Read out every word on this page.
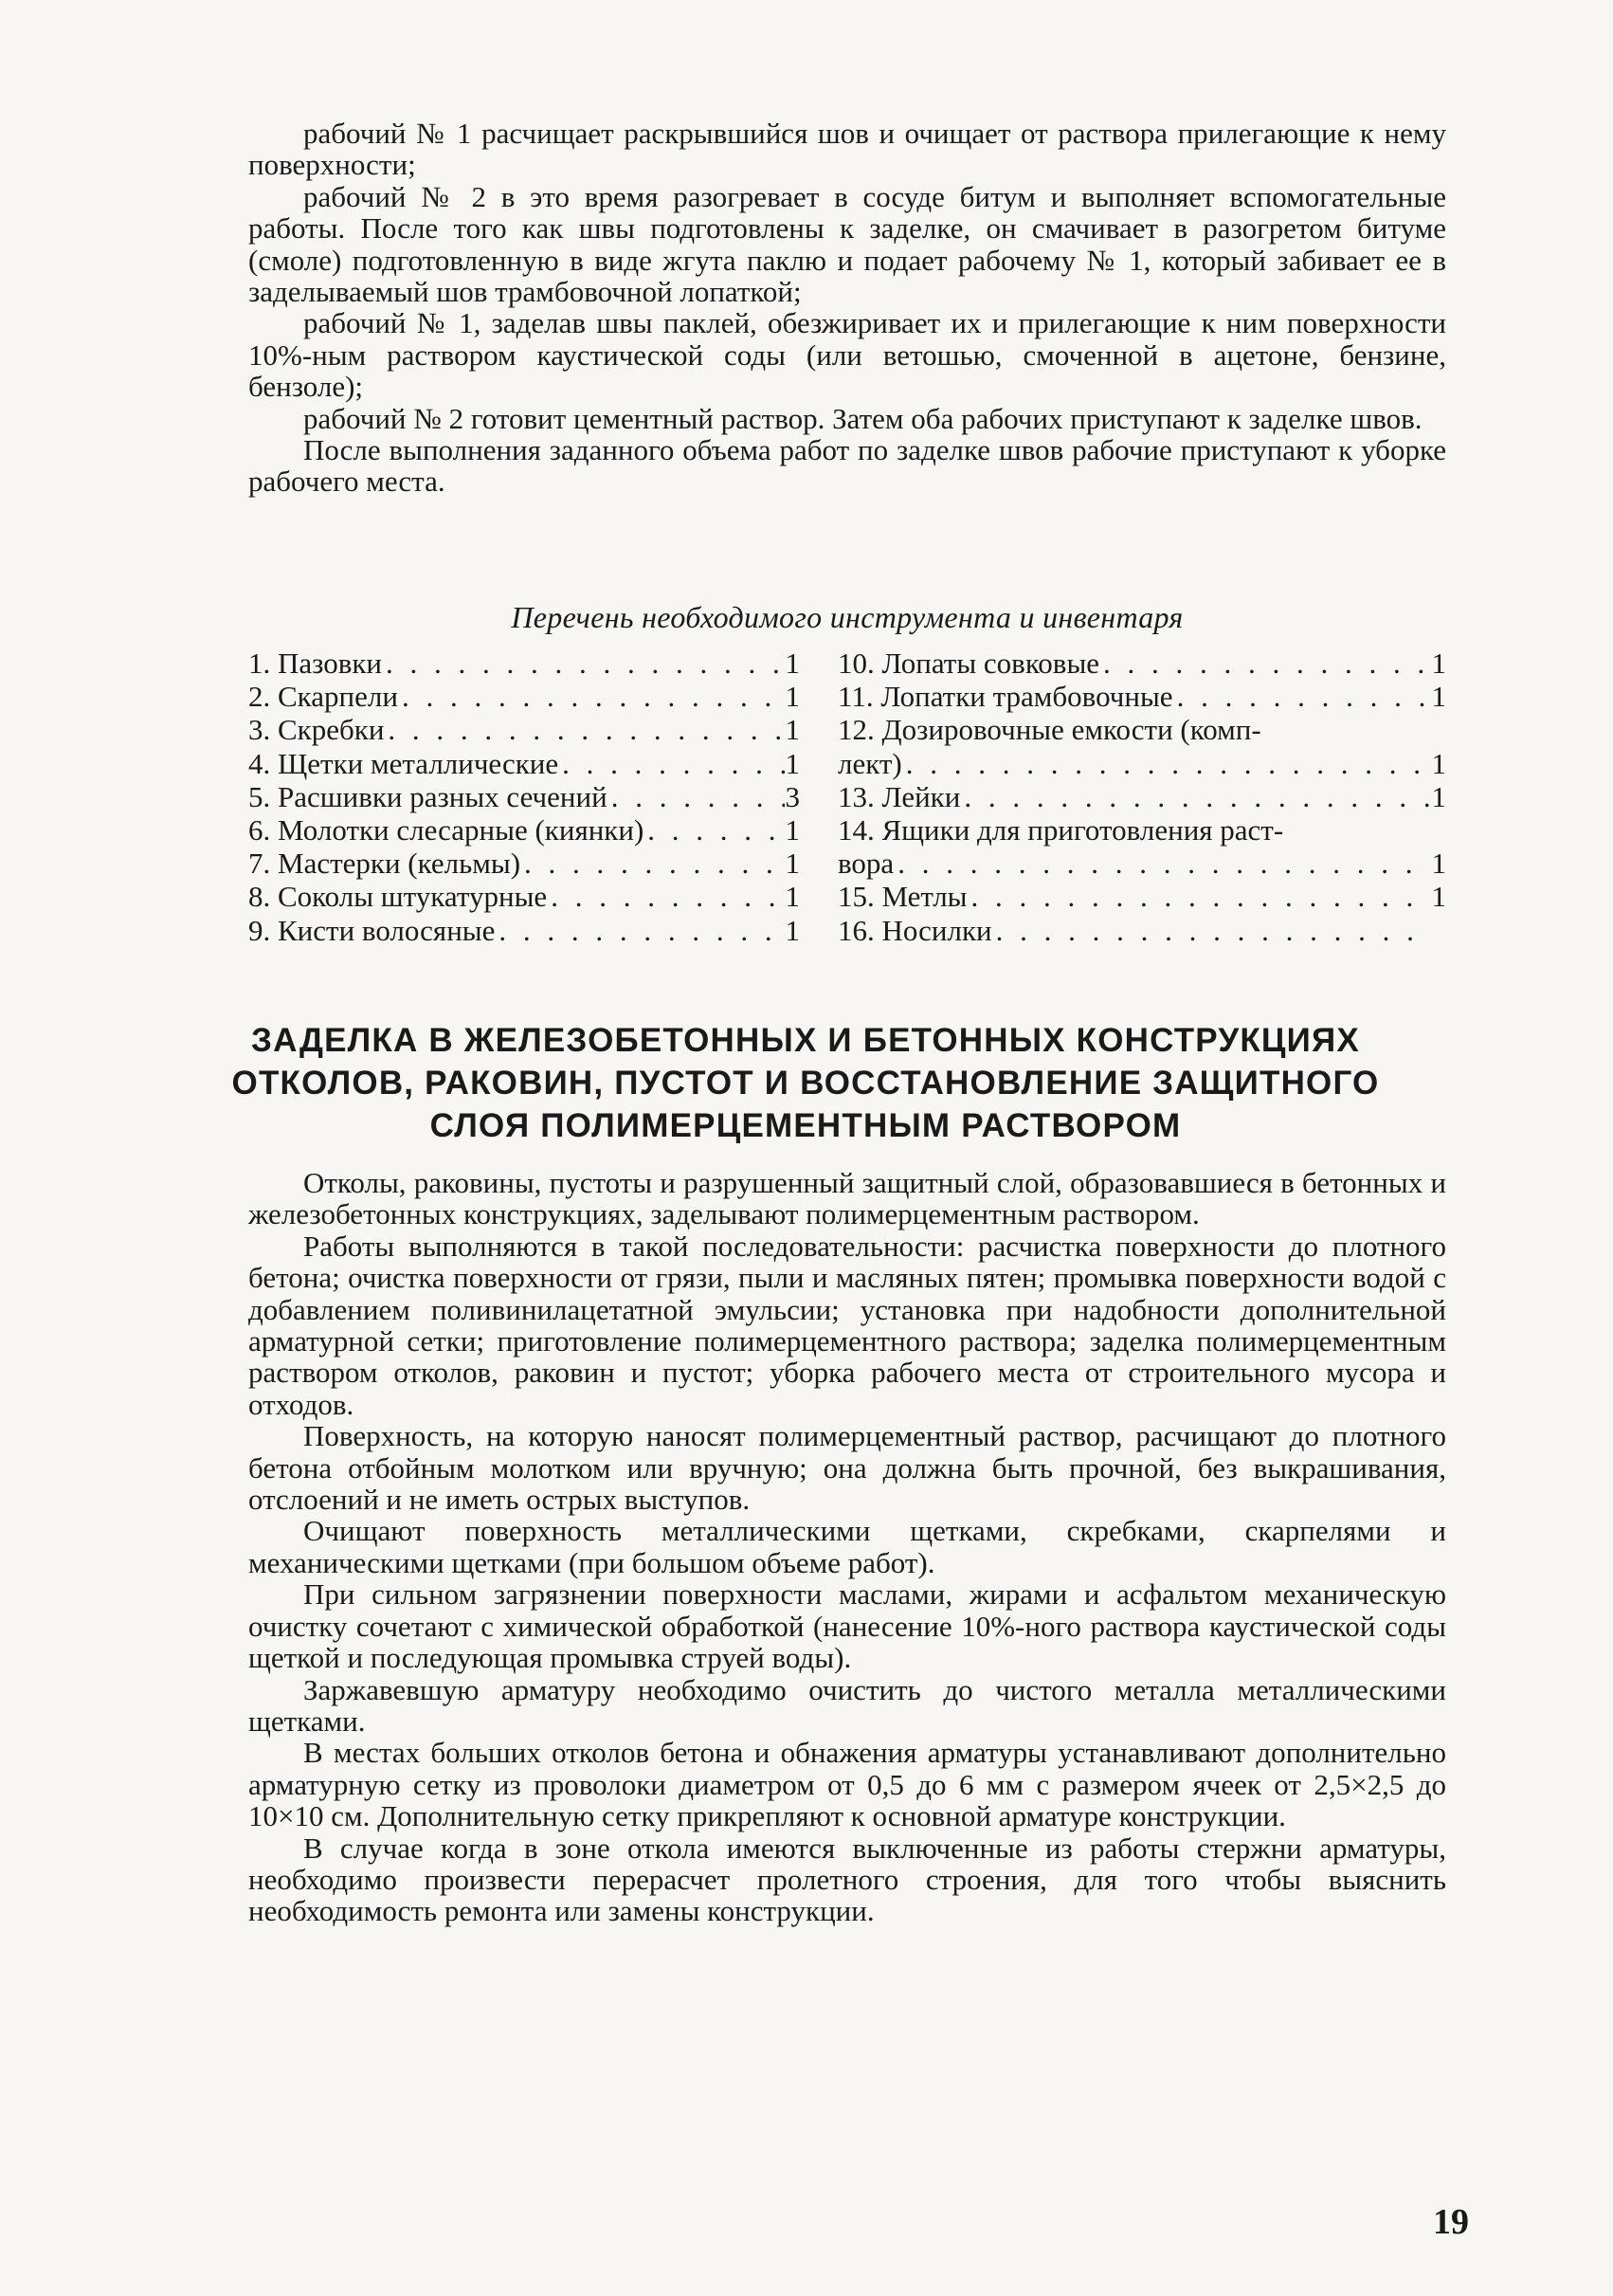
рабочий № 1 расчищает раскрывшийся шов и очищает от раствора прилегающие к нему поверхности;

рабочий № 2 в это время разогревает в сосуде битум и выполняет вспомогательные работы. После того как швы подготовлены к заделке, он смачивает в разогретом битуме (смоле) подготовленную в виде жгута паклю и подает рабочему № 1, который забивает ее в заделываемый шов трамбовочной лопаткой;

рабочий № 1, заделав швы паклей, обезжиривает их и прилегающие к ним поверхности 10%-ным раствором каустической соды (или ветошью, смоченной в ацетоне, бензине, бензоле);

рабочий № 2 готовит цементный раствор. Затем оба рабочих приступают к заделке швов.

После выполнения заданного объема работ по заделке швов рабочие приступают к уборке рабочего места.

Перечень необходимого инструмента и инвентаря
1. Пазовки . . .	1
2. Скарпели . . .	1
3. Скребки . . .	1
4. Щетки металлические . . .	1
5. Расшивки разных сечений . . .	3
6. Молотки слесарные (киянки) . . .	1
7. Мастерки (кельмы) . . .	1
8. Соколы штукатурные . . .	1
9. Кисти волосяные . . .	1
10. Лопаты совковые . . .	1
11. Лопатки трамбовочные . . .	1
12. Дозировочные емкости (комп-
лект) . . .	1
13. Лейки . . .	1
14. Ящики для приготовления раст-
вора . . .	1
15. Метлы . . .	1
16. Носилки
. . .
ЗАДЕЛКА В ЖЕЛЕЗОБЕТОННЫХ И БЕТОННЫХ КОНСТРУКЦИЯХ
ОТКОЛОВ, РАКОВИН, ПУСТОТ И ВОССТАНОВЛЕНИЕ ЗАЩИТНОГО
СЛОЯ ПОЛИМЕРЦЕМЕНТНЫМ РАСТВОРОМ

Отколы, раковины, пустоты и разрушенный защитный слой, образовавшиеся в бетонных и железобетонных конструкциях, заделывают полимерцементным раствором.

Работы выполняются в такой последовательности: расчистка поверхности до плотного бетона; очистка поверхности от грязи, пыли и масляных пятен; промывка поверхности водой с добавлением поливинилацетатной эмульсии; установка при надобности дополнительной арматурной сетки; приготовление полимерцементного раствора; заделка полимерцементным раствором отколов, раковин и пустот; уборка рабочего места от строительного мусора и отходов.

Поверхность, на которую наносят полимерцементный раствор, расчищают до плотного бетона отбойным молотком или вручную; она должна быть прочной, без выкрашивания, отслоений и не иметь острых выступов.

Очищают поверхность металлическими щетками, скребками, скарпелями и механическими щетками (при большом объеме работ).

При сильном загрязнении поверхности маслами, жирами и асфальтом механическую очистку сочетают с химической обработкой (нанесение 10%-ного раствора каустической соды щеткой и последующая промывка струей воды).

Заржавевшую арматуру необходимо очистить до чистого металла металлическими щетками.

В местах больших отколов бетона и обнажения арматуры устанавливают дополнительно арматурную сетку из проволоки диаметром от 0,5 до 6 мм с размером ячеек от 2,5×2,5 до 10×10 см. Дополнительную сетку прикрепляют к основной арматуре конструкции.

В случае когда в зоне откола имеются выключенные из работы стержни арматуры, необходимо произвести перерасчет пролетного строения, для того чтобы выяснить необходимость ремонта или замены конструкции.

19
